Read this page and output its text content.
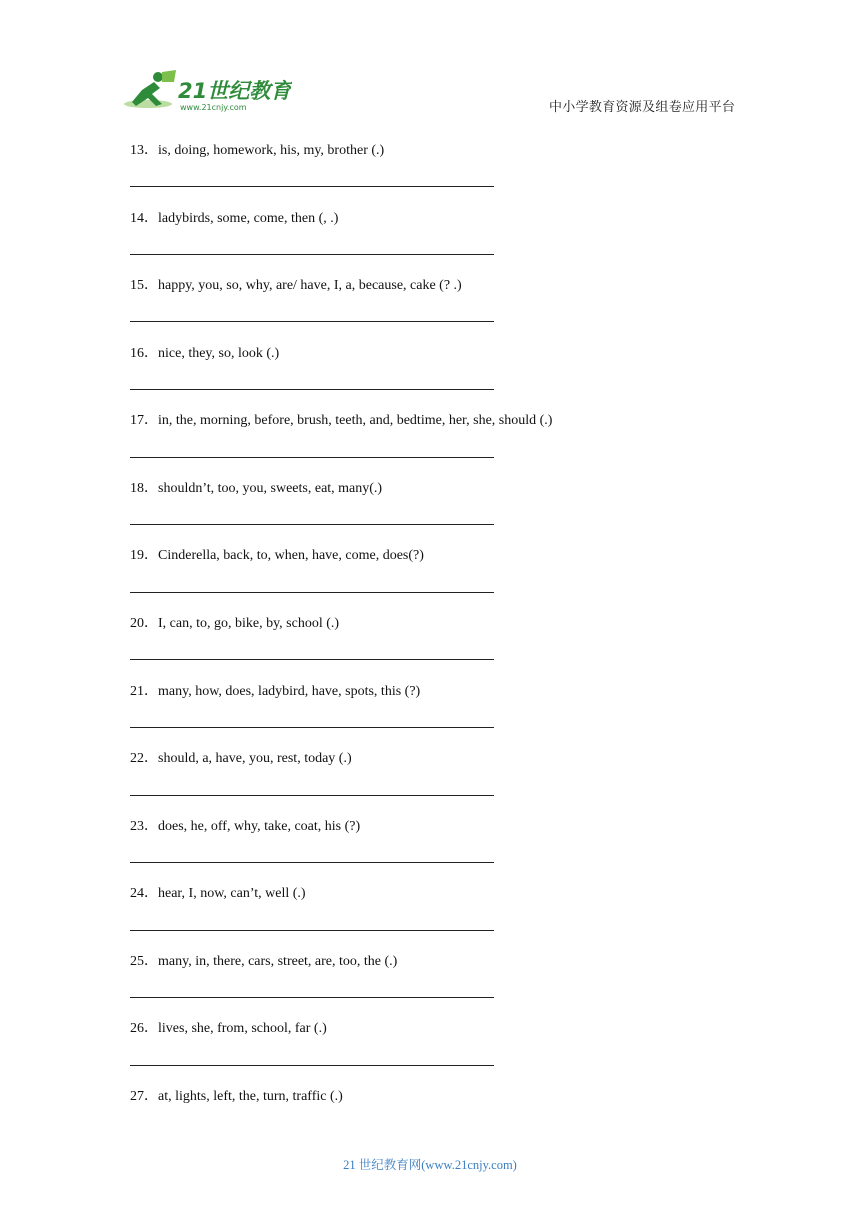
21世纪教育
www.21cnjy.com	中小学教育资源及组卷应用平台

13．is, doing, homework, his, my, brother (.)

14．ladybirds, some, come, then (, .)

15．happy, you, so, why, are/ have, I, a, because, cake (? .)

16．nice, they, so, look (.)

17．in, the, morning, before, brush, teeth, and, bedtime, her, she, should (.)

18．shouldn’t, too, you, sweets, eat, many(.)

19．Cinderella, back, to, when, have, come, does(?)

20．I, can, to, go, bike, by, school (.)

21．many, how, does, ladybird, have, spots, this (?)

22．should, a, have, you, rest, today (.)

23．does, he, off, why, take, coat, his (?)

24．hear, I, now, can’t, well (.)

25．many, in, there, cars, street, are, too, the (.)

26．lives, she, from, school, far (.)

27．at, lights, left, the, turn, traffic (.)

21 世纪教育网(www.21cnjy.com)
